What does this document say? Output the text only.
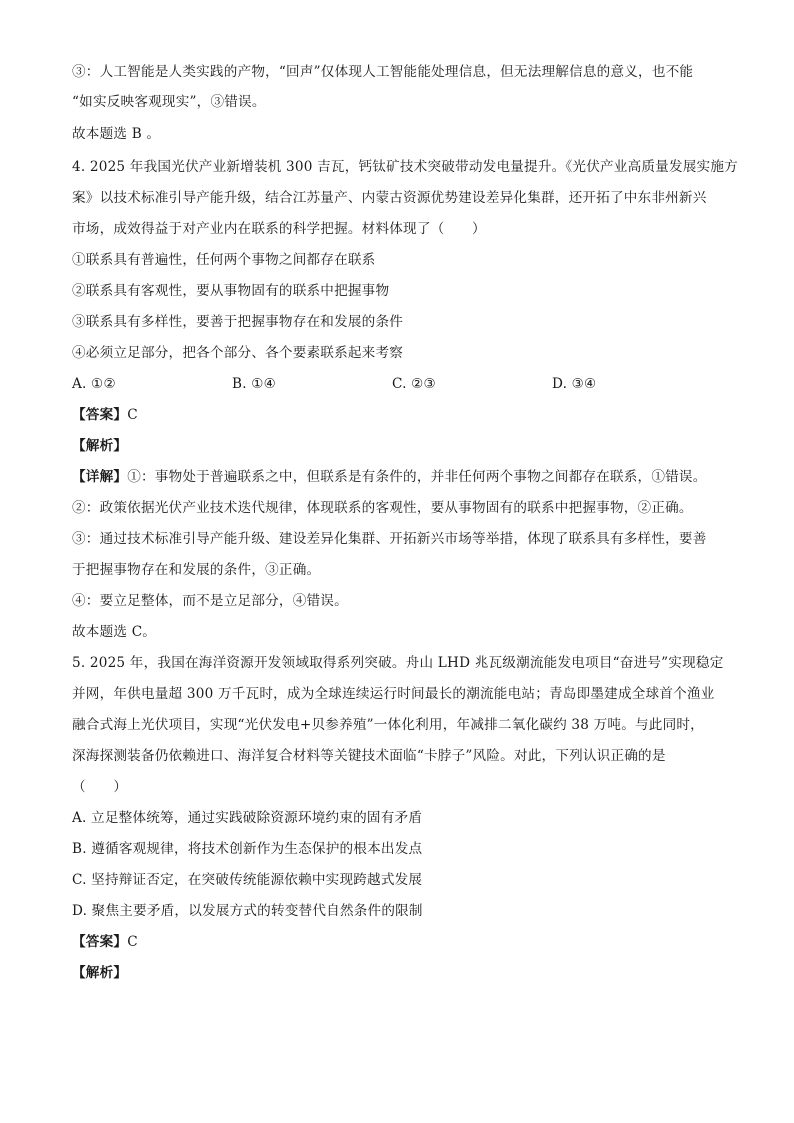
③：人工智能是人类实践的产物，“回声”仅体现人工智能能处理信息，但无法理解信息的意义，也不能

“如实反映客观现实”，③错误。

故本题选 B 。

4. 2025 年我国光伏产业新增装机 300 吉瓦，钙钛矿技术突破带动发电量提升。《光伏产业高质量发展实施方

案》以技术标准引导产能升级，结合江苏量产、内蒙古资源优势建设差异化集群，还开拓了中东非州新兴

市场，成效得益于对产业内在联系的科学把握。材料体现了（　　）

①联系具有普遍性，任何两个事物之间都存在联系

②联系具有客观性，要从事物固有的联系中把握事物

③联系具有多样性，要善于把握事物存在和发展的条件

④必须立足部分，把各个部分、各个要素联系起来考察

A. ①②	B. ①④	C. ②③	D. ③④

【答案】C

【解析】

【详解】①：事物处于普遍联系之中，但联系是有条件的，并非任何两个事物之间都存在联系，①错误。

②：政策依据光伏产业技术迭代规律，体现联系的客观性，要从事物固有的联系中把握事物，②正确。

③：通过技术标准引导产能升级、建设差异化集群、开拓新兴市场等举措，体现了联系具有多样性，要善

于把握事物存在和发展的条件，③正确。

④：要立足整体，而不是立足部分，④错误。

故本题选 C。

5. 2025 年，我国在海洋资源开发领域取得系列突破。舟山 LHD 兆瓦级潮流能发电项目“奋进号”实现稳定

并网，年供电量超 300 万千瓦时，成为全球连续运行时间最长的潮流能电站；青岛即墨建成全球首个渔业

融合式海上光伏项目，实现“光伏发电+贝参养殖”一体化利用，年减排二氧化碳约 38 万吨。与此同时，

深海探测装备仍依赖进口、海洋复合材料等关键技术面临“卡脖子”风险。对此，下列认识正确的是

（　　）

A. 立足整体统筹，通过实践破除资源环境约束的固有矛盾

B. 遵循客观规律，将技术创新作为生态保护的根本出发点

C. 坚持辩证否定，在突破传统能源依赖中实现跨越式发展

D. 聚焦主要矛盾，以发展方式的转变替代自然条件的限制

【答案】C

【解析】
